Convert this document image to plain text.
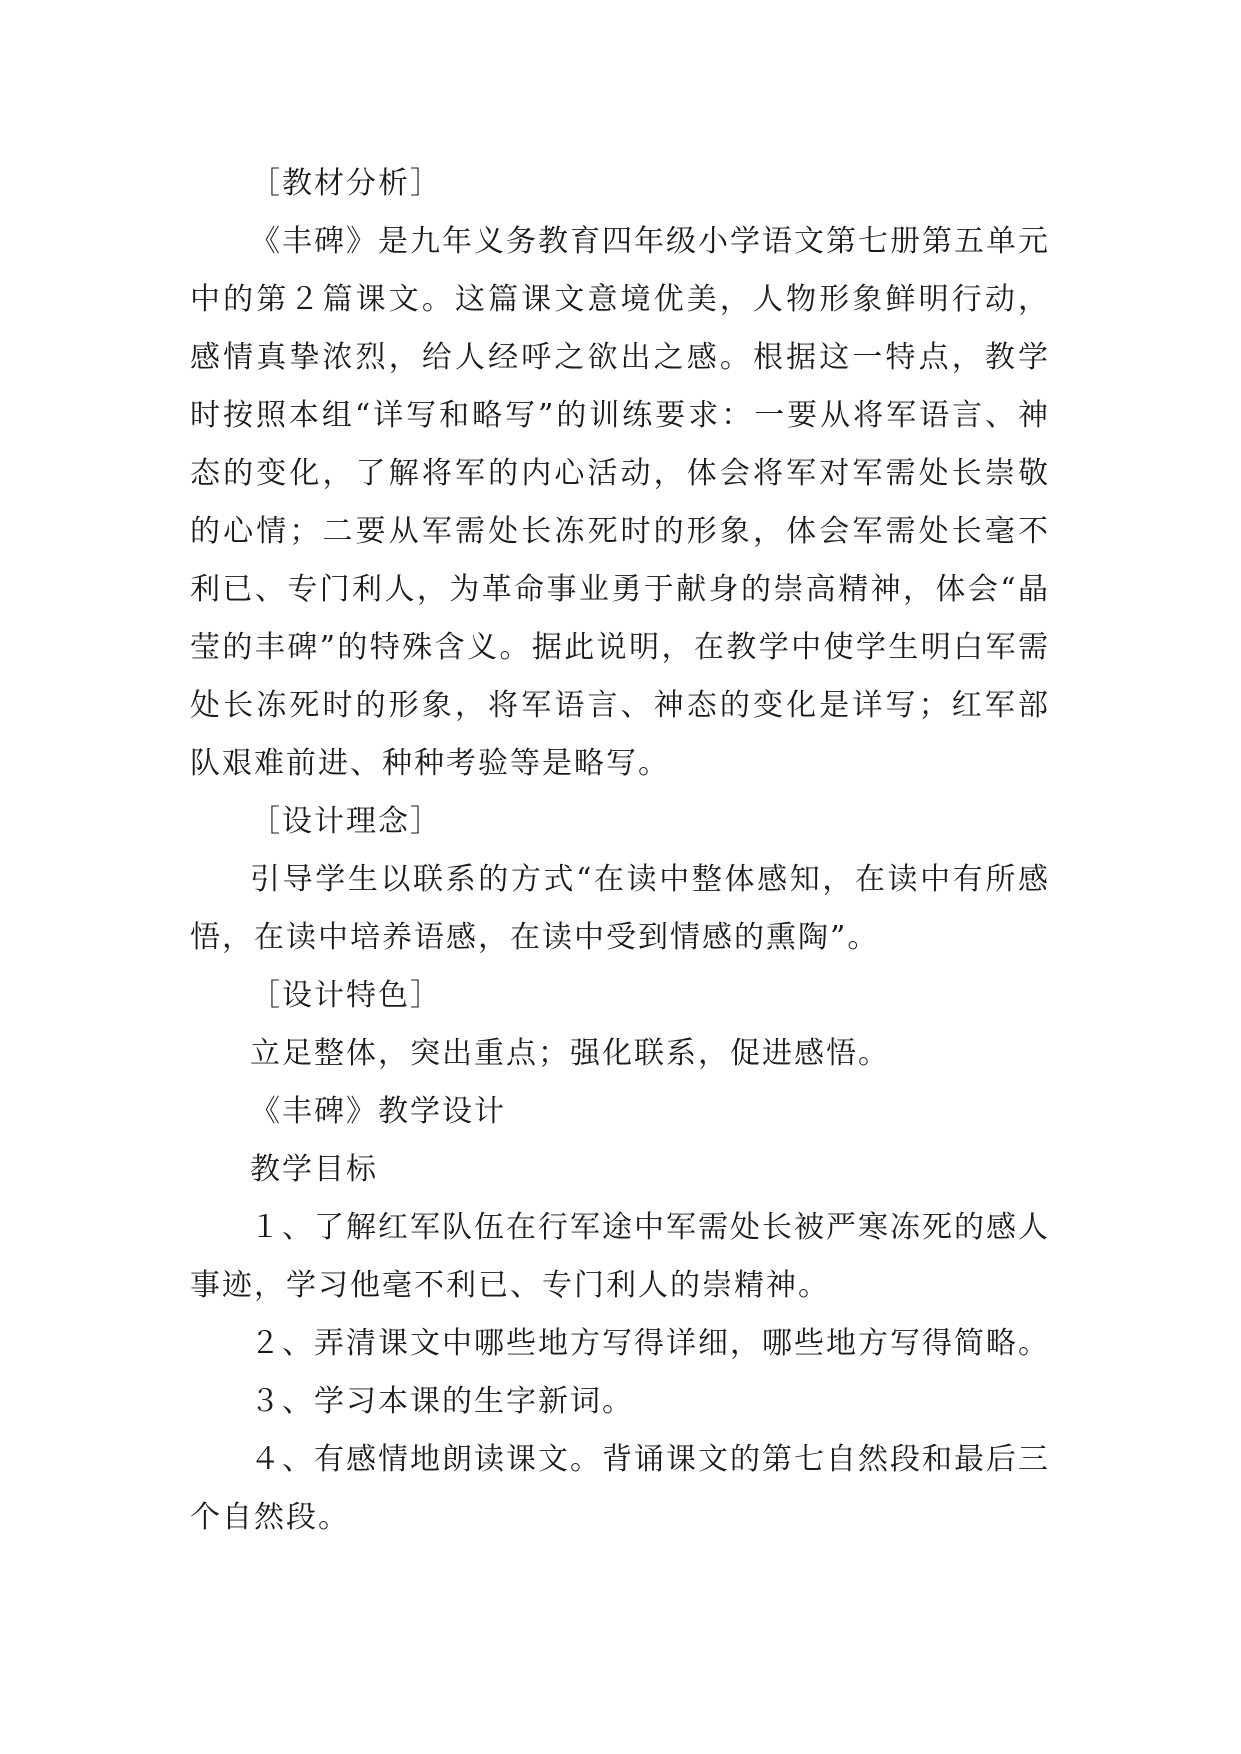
［教材分析］

《丰碑》是九年义务教育四年级小学语文第七册第五单元中的第２篇课文。这篇课文意境优美，人物形象鲜明行动，感情真挚浓烈，给人经呼之欲出之感。根据这一特点，教学时按照本组“详写和略写”的训练要求：一要从将军语言、神态的变化，了解将军的内心活动，体会将军对军需处长崇敬的心情；二要从军需处长冻死时的形象，体会军需处长毫不利已、专门利人，为革命事业勇于献身的崇高精神，体会“晶莹的丰碑”的特殊含义。据此说明，在教学中使学生明白军需处长冻死时的形象，将军语言、神态的变化是详写；红军部队艰难前进、种种考验等是略写。

［设计理念］

引导学生以联系的方式“在读中整体感知，在读中有所感悟，在读中培养语感，在读中受到情感的熏陶”。

［设计特色］

立足整体，突出重点；强化联系，促进感悟。

《丰碑》教学设计

教学目标

１、了解红军队伍在行军途中军需处长被严寒冻死的感人事迹，学习他毫不利已、专门利人的崇精神。

２、弄清课文中哪些地方写得详细，哪些地方写得简略。

３、学习本课的生字新词。

４、有感情地朗读课文。背诵课文的第七自然段和最后三个自然段。
